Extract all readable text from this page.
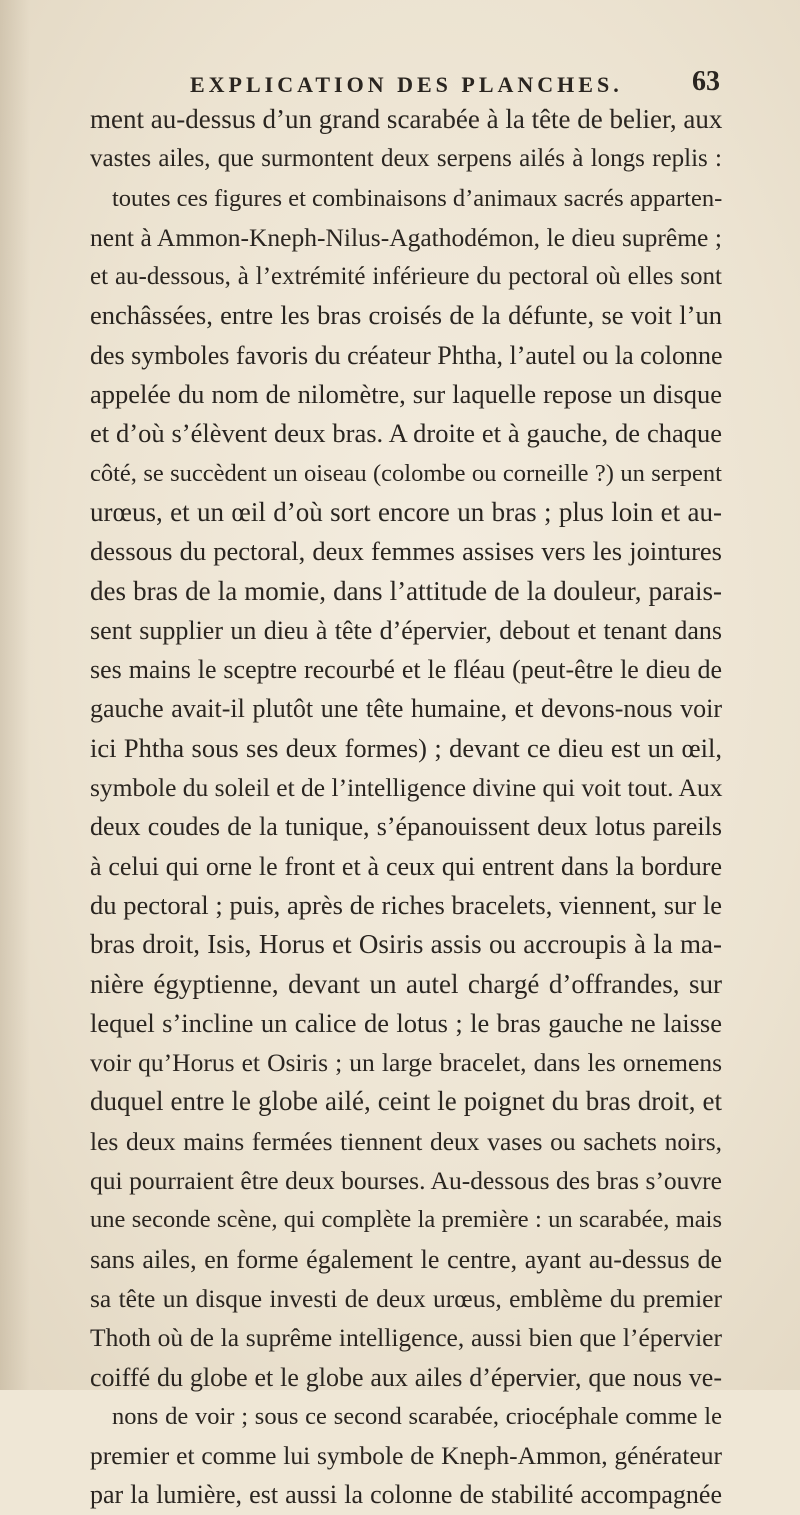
EXPLICATION DES PLANCHES. 63
ment au-dessus d’un grand scarabée à la tête de belier, aux
vastes ailes, que surmontent deux serpens ailés à longs replis :
toutes ces figures et combinaisons d’animaux sacrés apparten-
nent à Ammon-Kneph-Nilus-Agathodémon, le dieu suprême ;
et au-dessous, à l’extrémité inférieure du pectoral où elles sont
enchâssées, entre les bras croisés de la défunte, se voit l’un
des symboles favoris du créateur Phtha, l’autel ou la colonne
appelée du nom de nilomètre, sur laquelle repose un disque
et d’où s’élèvent deux bras. A droite et à gauche, de chaque
côté, se succèdent un oiseau (colombe ou corneille ?) un serpent
urœus, et un œil d’où sort encore un bras ; plus loin et au-
dessous du pectoral, deux femmes assises vers les jointures
des bras de la momie, dans l’attitude de la douleur, parais-
sent supplier un dieu à tête d’épervier, debout et tenant dans
ses mains le sceptre recourbé et le fléau (peut-être le dieu de
gauche avait-il plutôt une tête humaine, et devons-nous voir
ici Phtha sous ses deux formes) ; devant ce dieu est un œil,
symbole du soleil et de l’intelligence divine qui voit tout. Aux
deux coudes de la tunique, s’épanouissent deux lotus pareils
à celui qui orne le front et à ceux qui entrent dans la bordure
du pectoral ; puis, après de riches bracelets, viennent, sur le
bras droit, Isis, Horus et Osiris assis ou accroupis à la ma-
nière égyptienne, devant un autel chargé d’offrandes, sur
lequel s’incline un calice de lotus ; le bras gauche ne laisse
voir qu’Horus et Osiris ; un large bracelet, dans les ornemens
duquel entre le globe ailé, ceint le poignet du bras droit, et
les deux mains fermées tiennent deux vases ou sachets noirs,
qui pourraient être deux bourses. Au-dessous des bras s’ouvre
une seconde scène, qui complète la première : un scarabée, mais
sans ailes, en forme également le centre, ayant au-dessus de
sa tête un disque investi de deux urœus, emblème du premier
Thoth où de la suprême intelligence, aussi bien que l’épervier
coiffé du globe et le globe aux ailes d’épervier, que nous ve-
nons de voir ; sous ce second scarabée, criocéphale comme le
premier et comme lui symbole de Kneph-Ammon, générateur
par la lumière, est aussi la colonne de stabilité accompagnée
